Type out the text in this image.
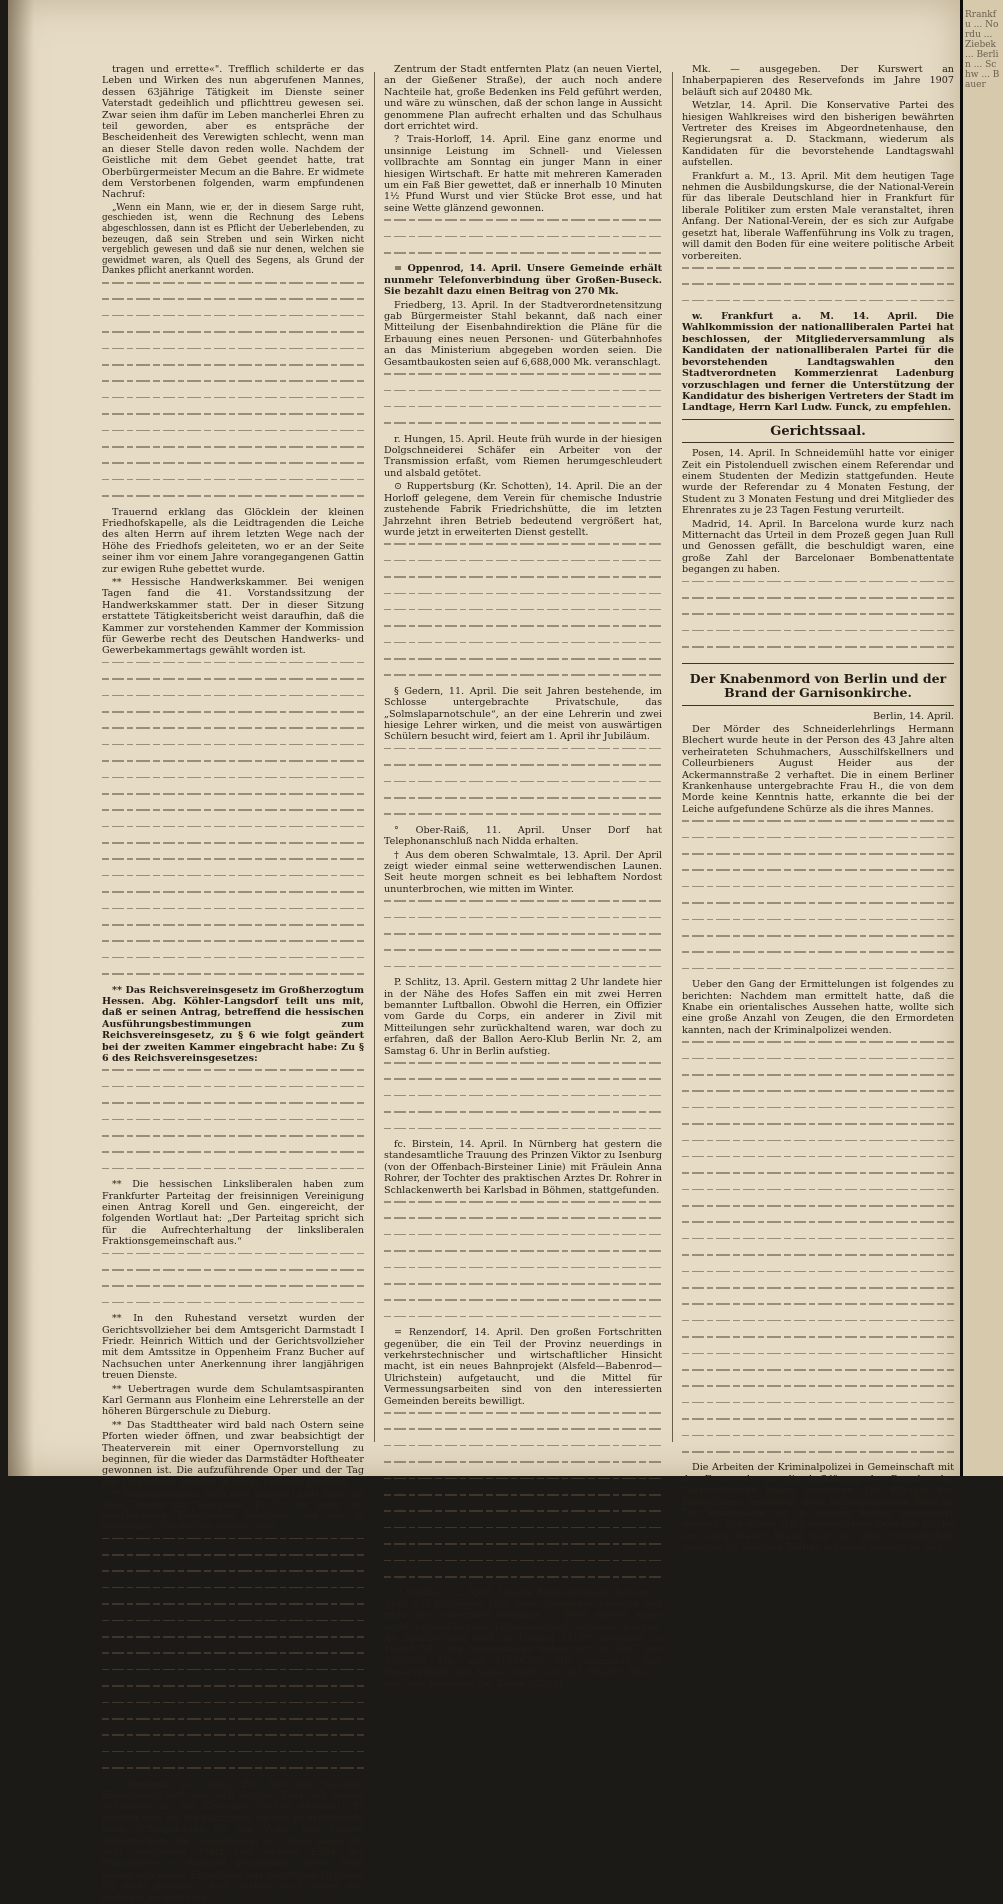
tragen und errette«". Trefflich schilderte er das Leben und Wirken des nun abgerufenen Mannes, dessen 63jährige Tätigkeit im Dienste seiner Vaterstadt gedeihlich und pflichttreu gewesen sei. Zwar seien ihm dafür im Leben mancherlei Ehren zu teil geworden, aber es entspräche der Bescheidenheit des Verewigten schlecht, wenn man an dieser Stelle davon reden wolle. Nachdem der Geistliche mit dem Gebet geendet hatte, trat Oberbürgermeister Mecum an die Bahre. Er widmete dem Verstorbenen folgenden, warm empfundenen Nachruf:

„Wenn ein Mann, wie er, der in diesem Sarge ruht, geschieden ist, wenn die Rechnung des Lebens abgeschlossen, dann ist es Pflicht der Ueberlebenden, zu bezeugen, daß sein Streben und sein Wirken nicht vergeblich gewesen und daß sie nur denen, welchen sie gewidmet waren, als Quell des Segens, als Grund der Dankes pflicht anerkannt worden.

Trauernd erklang das Glöcklein der kleinen Friedhofskapelle, als die Leidtragenden die Leiche des alten Herrn auf ihrem letzten Wege nach der Höhe des Friedhofs geleiteten, wo er an der Seite seiner ihm vor einem Jahre vorangegangenen Gattin zur ewigen Ruhe gebettet wurde.

** Hessische Handwerkskammer. Bei wenigen Tagen fand die 41. Vorstandssitzung der Handwerkskammer statt. Der in dieser Sitzung erstattete Tätigkeitsbericht weist daraufhin, daß die Kammer zur vorstehenden Kammer der Kommission für Gewerbe recht des Deutschen Handwerks- und Gewerbekammertags gewählt worden ist.

** Das Reichsvereinsgesetz im Großherzogtum Hessen. Abg. Köhler-Langsdorf teilt uns mit, daß er seinen Antrag, betreffend die hessischen Ausführungsbestimmungen zum Reichsvereinsgesetz, zu § 6 wie folgt geändert bei der zweiten Kammer eingebracht habe: Zu § 6 des Reichsvereinsgesetzes:

** Die hessischen Linksliberalen haben zum Frankfurter Parteitag der freisinnigen Vereinigung einen Antrag Korell und Gen. eingereicht, der folgenden Wortlaut hat: „Der Parteitag spricht sich für die Aufrechterhaltung der linksliberalen Fraktionsgemeinschaft aus.“

** In den Ruhestand versetzt wurden der Gerichtsvollzieher bei dem Amtsgericht Darmstadt I Friedr. Heinrich Wittich und der Gerichtsvollzieher mit dem Amtssitze in Oppenheim Franz Bucher auf Nachsuchen unter Anerkennung ihrer langjährigen treuen Dienste.

** Uebertragen wurde dem Schulamtsaspiranten Karl Germann aus Flonheim eine Lehrerstelle an der höheren Bürgerschule zu Dieburg.

** Das Stadttheater wird bald nach Ostern seine Pforten wieder öffnen, und zwar beabsichtigt der Theaterverein mit einer Opernvorstellung zu beginnen, für die wieder das Darmstädter Hoftheater gewonnen ist. Die aufzuführende Oper und der Tag der Vorstellung werden in Kürze bekannt gegeben.

** Kaiserpanorama. Nach dem heiligen Lande führt uns diese Woche das Panorama. Es ist die erste der verschiedenen Bilderreihen Palästinas, die uns in vorteilhafter Darstellung geboten wird.

? Hungen, 14. April. Ein Teil der hiesigen Einwohnerschaft hat sich letzter Tage mit einem Schreiben an das Kreisamt Gießen gewandt. Es handelt sich um die Platzfrage für das zu errichtende neue Schulgebäude für die Volks- und höhere Bürgerschule. Im Gemeinderat ist schon lange ein sehr geeigneter Platz (am oberen Ende der Pfannwiese) in Aussicht genommen. Diesen Platz halten nun einige Einwohner aus untriftigen Gründen für nicht geeignet; doch dürften auch gegen den anderen, zu weit vom

Zentrum der Stadt entfernten Platz (an neuen Viertel, an der Gießener Straße), der auch noch andere Nachteile hat, große Bedenken ins Feld geführt werden, und wäre zu wünschen, daß der schon lange in Aussicht genommene Plan aufrecht erhalten und das Schulhaus dort errichtet wird.

? Trais-Horloff, 14. April. Eine ganz enorme und unsinnige Leistung im Schnell- und Vielessen vollbrachte am Sonntag ein junger Mann in einer hiesigen Wirtschaft. Er hatte mit mehreren Kameraden um ein Faß Bier gewettet, daß er innerhalb 10 Minuten 1½ Pfund Wurst und vier Stücke Brot esse, und hat seine Wette glänzend gewonnen.

= Oppenrod, 14. April. Unsere Gemeinde erhält nunmehr Telefonverbindung über Großen-Buseck. Sie bezahlt dazu einen Beitrag von 270 Mk.

Friedberg, 13. April. In der Stadtverordnetensitzung gab Bürgermeister Stahl bekannt, daß nach einer Mitteilung der Eisenbahndirektion die Pläne für die Erbauung eines neuen Personen- und Güterbahnhofes an das Ministerium abgegeben worden seien. Die Gesamtbaukosten seien auf 6,688,000 Mk. veranschlagt.

r. Hungen, 15. April. Heute früh wurde in der hiesigen Dolgschneiderei Schäfer ein Arbeiter von der Transmission erfaßt, vom Riemen herumgeschleudert und alsbald getötet.

⊙ Ruppertsburg (Kr. Schotten), 14. April. Die an der Horloff gelegene, dem Verein für chemische Industrie zustehende Fabrik Friedrichshütte, die im letzten Jahrzehnt ihren Betrieb bedeutend vergrößert hat, wurde jetzt in erweiterten Dienst gestellt.

§ Gedern, 11. April. Die seit Jahren bestehende, im Schlosse untergebrachte Privatschule, das „Solmslaparnotschule“, an der eine Lehrerin und zwei hiesige Lehrer wirken, und die meist von auswärtigen Schülern besucht wird, feiert am 1. April ihr Jubiläum.

° Ober-Raiß, 11. April. Unser Dorf hat Telephonanschluß nach Nidda erhalten.

† Aus dem oberen Schwalmtale, 13. April. Der April zeigt wieder einmal seine wetterwendischen Launen. Seit heute morgen schneit es bei lebhaftem Nordost ununterbrochen, wie mitten im Winter.

P. Schlitz, 13. April. Gestern mittag 2 Uhr landete hier in der Nähe des Hofes Saffen ein mit zwei Herren bemannter Luftballon. Obwohl die Herren, ein Offizier vom Garde du Corps, ein anderer in Zivil mit Mitteilungen sehr zurückhaltend waren, war doch zu erfahren, daß der Ballon Aero-Klub Berlin Nr. 2, am Samstag 6. Uhr in Berlin aufstieg.

fc. Birstein, 14. April. In Nürnberg hat gestern die standesamtliche Trauung des Prinzen Viktor zu Isenburg (von der Offenbach-Birsteiner Linie) mit Fräulein Anna Rohrer, der Tochter des praktischen Arztes Dr. Rohrer in Schlackenwerth bei Karlsbad in Böhmen, stattgefunden.

= Renzendorf, 14. April. Den großen Fortschritten gegenüber, die ein Teil der Provinz neuerdings in verkehrstechnischer und wirtschaftlicher Hinsicht macht, ist ein neues Bahnprojekt (Alsfeld—Babenrod—Ulrichstein) aufgetaucht, und die Mittel für Vermessungsarbeiten sind von den interessierten Gemeinden bereits bewilligt.

⊙ Wetzlar, 12. April. Unsere Kreissparkasse hat am 1. April das fünfzigste Jahr ihres Bestehens beendet und trotz der schlechten Geldlage in 1907 wieder einen recht befriedigenden Jahresabschluß vorlegen können. An Sparbüchern sind im Umlauf 11109, bewertet zu 16060 Mk.; die Spareinlagen haben sich in 1907 von 9720562 Mk. auf 11948206 Mk. vermehrt. Der Reservefonds der Kasse stellt sich auf 984769 Mk. — seit dem Bestehen der Kasse 987521

Mk. — ausgegeben. Der Kurswert an Inhaberpapieren des Reservefonds im Jahre 1907 beläuft sich auf 20480 Mk.

Wetzlar, 14. April. Die Konservative Partei des hiesigen Wahlkreises wird den bisherigen bewährten Vertreter des Kreises im Abgeordnetenhause, den Regierungsrat a. D. Stackmann, wiederum als Kandidaten für die bevorstehende Landtagswahl aufstellen.

Frankfurt a. M., 13. April. Mit dem heutigen Tage nehmen die Ausbildungskurse, die der National-Verein für das liberale Deutschland hier in Frankfurt für liberale Politiker zum ersten Male veranstaltet, ihren Anfang. Der National-Verein, der es sich zur Aufgabe gesetzt hat, liberale Waffenführung ins Volk zu tragen, will damit den Boden für eine weitere politische Arbeit vorbereiten.

w. Frankfurt a. M. 14. April. Die Wahlkommission der nationalliberalen Partei hat beschlossen, der Mitgliederversammlung als Kandidaten der nationalliberalen Partei für die bevorstehenden Landtagswahlen den Stadtverordneten Kommerzienrat Ladenburg vorzuschlagen und ferner die Unterstützung der Kandidatur des bisherigen Vertreters der Stadt im Landtage, Herrn Karl Ludw. Funck, zu empfehlen.

Gerichtssaal.

Posen, 14. April. In Schneidemühl hatte vor einiger Zeit ein Pistolenduell zwischen einem Referendar und einem Studenten der Medizin stattgefunden. Heute wurde der Referendar zu 4 Monaten Festung, der Student zu 3 Monaten Festung und drei Mitglieder des Ehrenrates zu je 23 Tagen Festung verurteilt.

Madrid, 14. April. In Barcelona wurde kurz nach Mitternacht das Urteil in dem Prozeß gegen Juan Rull und Genossen gefällt, die beschuldigt waren, eine große Zahl der Barcelonaer Bombenattentate begangen zu haben.

Der Knabenmord von Berlin und der Brand der Garnisonkirche.

Berlin, 14. April.

Der Mörder des Schneiderlehrlings Hermann Blechert wurde heute in der Person des 43 Jahre alten verheirateten Schuhmachers, Ausschilfskellners und Colleurbieners August Heider aus der Ackermannstraße 2 verhaftet. Die in einem Berliner Krankenhause untergebrachte Frau H., die von dem Morde keine Kenntnis hatte, erkannte die bei der Leiche aufgefundene Schürze als die ihres Mannes.

Ueber den Gang der Ermittelungen ist folgendes zu berichten: Nachdem man ermittelt hatte, daß die Knabe ein orientalisches Aussehen hatte, wollte sich eine große Anzahl von Zeugen, die den Ermordeten kannten, nach der Kriminalpolizei wenden.

Die Arbeiten der Kriminalpolizei in Gemeinschaft mit der Feuerwehr um die Aufklärung des Brandes der Garnisonkirche haben begonnen. Die Königin des Kronprinzen erstattete dem Polizeipräsidium Bericht. Die Brandstätte ist in weitem Kreise abgesperrt worden. Von einem stark beleuchteten Teile der Kirche aus wird dieser Brand nun mit aller Schnelligkeit untersucht, Mehrere Blätter scheinen geneigt zu sein.

Rrankfu ... Nordu ... Ziebek ... Berlin ... Schw ... Bauer
